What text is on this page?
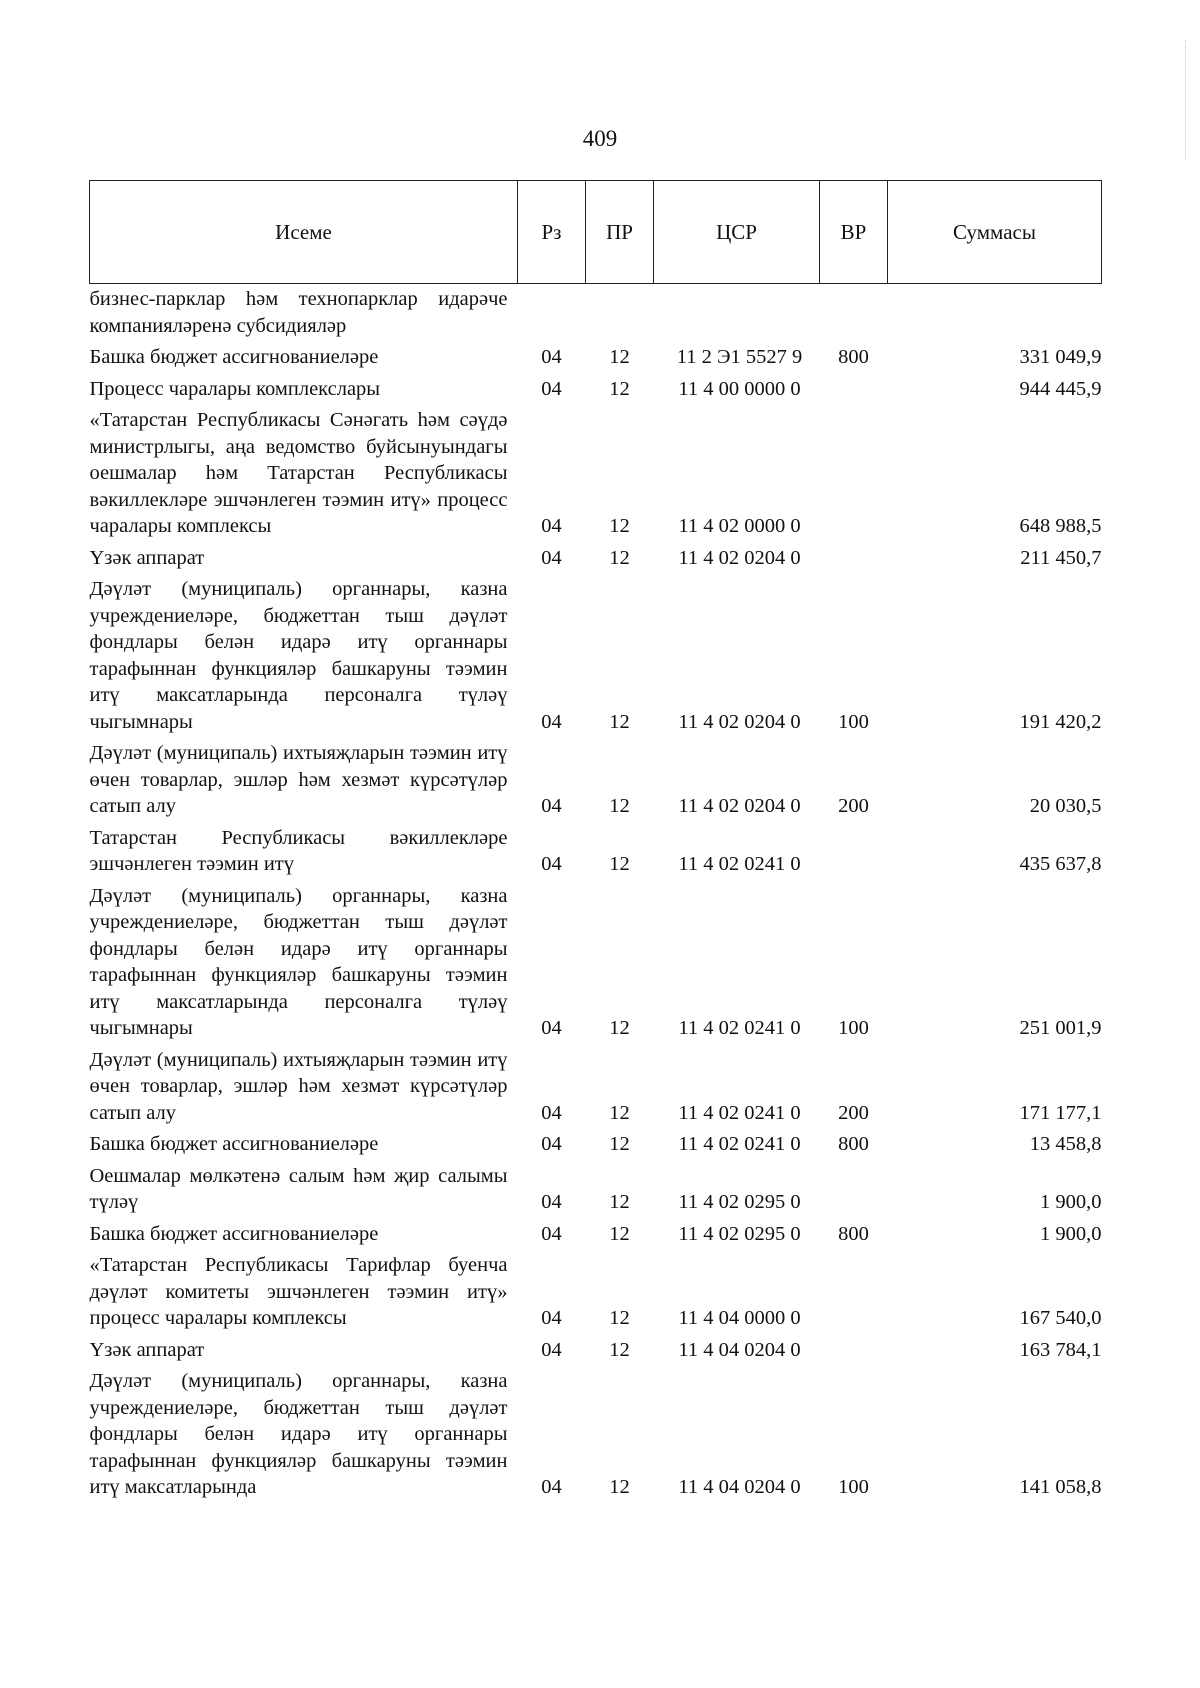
409
Исеме	Рз	ПР	ЦСР	ВР	Суммасы
бизнес-парклар һәм технопарклар идарәче компанияләренә субсидияләр					
Башка бюджет ассигнованиеләре	04	12	11 2 Э1 5527 9	800	331 049,9
Процесс чаралары комплекслары	04	12	11 4 00 0000 0		944 445,9
«Татарстан Республикасы Сәнәгать һәм сәүдә министрлыгы, аңа ведомство буйсынуындагы оешмалар һәм Татарстан Республикасы вәкиллекләре эшчәнлеген тәэмин итү» процесс чаралары комплексы	04	12	11 4 02 0000 0		648 988,5
Үзәк аппарат	04	12	11 4 02 0204 0		211 450,7
Дәүләт (муниципаль) органнары, казна учреждениеләре, бюджеттан тыш дәүләт фондлары белән идарә итү органнары тарафыннан функцияләр башкаруны тәэмин итү максатларында персоналга түләү чыгымнары	04	12	11 4 02 0204 0	100	191 420,2
Дәүләт (муниципаль) ихтыяҗларын тәэмин итү өчен товарлар, эшләр һәм хезмәт күрсәтүләр сатып алу	04	12	11 4 02 0204 0	200	20 030,5
Татарстан Республикасы вәкиллекләре эшчәнлеген тәэмин итү	04	12	11 4 02 0241 0		435 637,8
Дәүләт (муниципаль) органнары, казна учреждениеләре, бюджеттан тыш дәүләт фондлары белән идарә итү органнары тарафыннан функцияләр башкаруны тәэмин итү максатларында персоналга түләү чыгымнары	04	12	11 4 02 0241 0	100	251 001,9
Дәүләт (муниципаль) ихтыяҗларын тәэмин итү өчен товарлар, эшләр һәм хезмәт күрсәтүләр сатып алу	04	12	11 4 02 0241 0	200	171 177,1
Башка бюджет ассигнованиеләре	04	12	11 4 02 0241 0	800	13 458,8
Оешмалар мөлкәтенә салым һәм җир салымы түләү	04	12	11 4 02 0295 0		1 900,0
Башка бюджет ассигнованиеләре	04	12	11 4 02 0295 0	800	1 900,0
«Татарстан Республикасы Тарифлар буенча дәүләт комитеты эшчәнлеген тәэмин итү» процесс чаралары комплексы	04	12	11 4 04 0000 0		167 540,0
Үзәк аппарат	04	12	11 4 04 0204 0		163 784,1
Дәүләт (муниципаль) органнары, казна учреждениеләре, бюджеттан тыш дәүләт фондлары белән идарә итү органнары тарафыннан функцияләр башкаруны тәэмин итү максатларында	04	12	11 4 04 0204 0	100	141 058,8
